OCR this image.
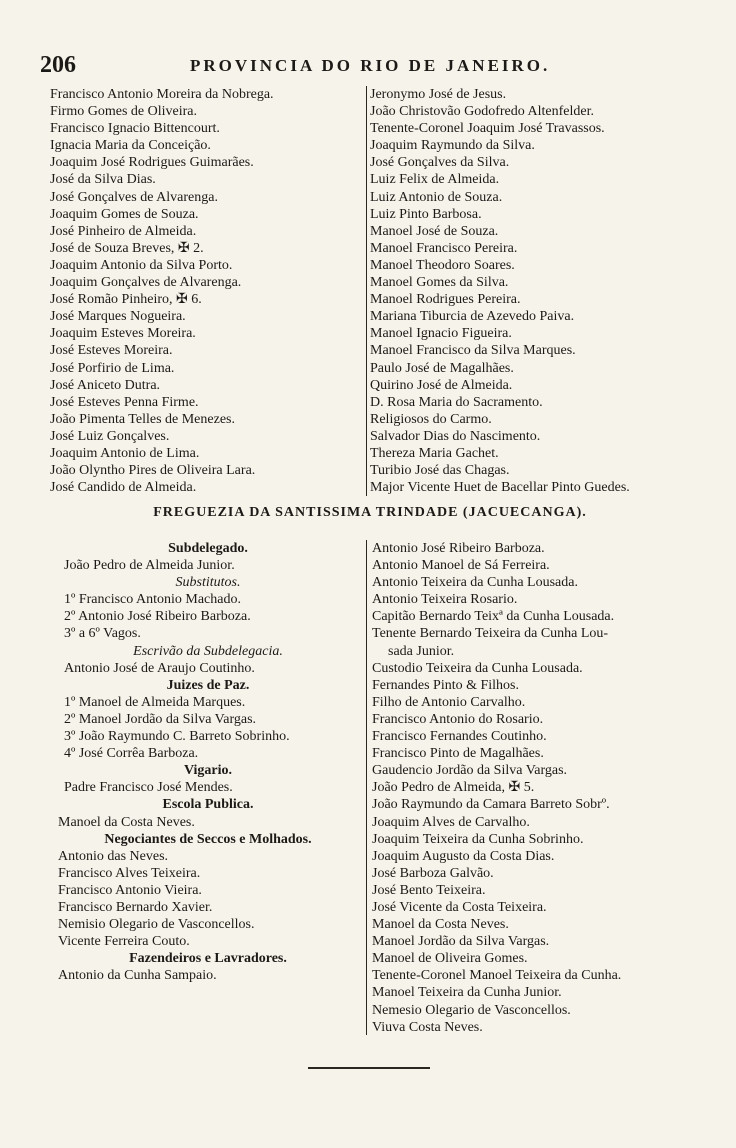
206	PROVINCIA DO RIO DE JANEIRO.
Francisco Antonio Moreira da Nobrega.
Firmo Gomes de Oliveira.
Francisco Ignacio Bittencourt.
Ignacia Maria da Conceição.
Joaquim José Rodrigues Guimarães.
José da Silva Dias.
José Gonçalves de Alvarenga.
Joaquim Gomes de Souza.
José Pinheiro de Almeida.
José de Souza Breves, ✠ 2.
Joaquim Antonio da Silva Porto.
Joaquim Gonçalves de Alvarenga.
José Romão Pinheiro, ✠ 6.
José Marques Nogueira.
Joaquim Esteves Moreira.
José Esteves Moreira.
José Porfirio de Lima.
José Aniceto Dutra.
José Esteves Penna Firme.
João Pimenta Telles de Menezes.
José Luiz Gonçalves.
Joaquim Antonio de Lima.
João Olyntho Pires de Oliveira Lara.
José Candido de Almeida.
Jeronymo José de Jesus.
João Christovão Godofredo Altenfelder.
Tenente-Coronel Joaquim José Travassos.
Joaquim Raymundo da Silva.
José Gonçalves da Silva.
Luiz Felix de Almeida.
Luiz Antonio de Souza.
Luiz Pinto Barbosa.
Manoel José de Souza.
Manoel Francisco Pereira.
Manoel Theodoro Soares.
Manoel Gomes da Silva.
Manoel Rodrigues Pereira.
Mariana Tiburcia de Azevedo Paiva.
Manoel Ignacio Figueira.
Manoel Francisco da Silva Marques.
Paulo José de Magalhães.
Quirino José de Almeida.
D. Rosa Maria do Sacramento.
Religiosos do Carmo.
Salvador Dias do Nascimento.
Thereza Maria Gachet.
Turibio José das Chagas.
Major Vicente Huet de Bacellar Pinto Guedes.
FREGUEZIA DA SANTISSIMA TRINDADE (JACUECANGA).
Subdelegado.
João Pedro de Almeida Junior.
Substitutos.
1º Francisco Antonio Machado.
2º Antonio José Ribeiro Barboza.
3º a 6º Vagos.
Escrivão da Subdelegacia.
Antonio José de Araujo Coutinho.
Juizes de Paz.
1º Manoel de Almeida Marques.
2º Manoel Jordão da Silva Vargas.
3º João Raymundo C. Barreto Sobrinho.
4º José Corrêa Barboza.
Vigario.
Padre Francisco José Mendes.
Escola Publica.
Manoel da Costa Neves.
Negociantes de Seccos e Molhados.
Antonio das Neves.
Francisco Alves Teixeira.
Francisco Antonio Vieira.
Francisco Bernardo Xavier.
Nemisio Olegario de Vasconcellos.
Vicente Ferreira Couto.
Fazendeiros e Lavradores.
Antonio da Cunha Sampaio.
Antonio José Ribeiro Barboza.
Antonio Manoel de Sá Ferreira.
Antonio Teixeira da Cunha Lousada.
Antonio Teixeira Rosario.
Capitão Bernardo Teixª da Cunha Lousada.
Tenente Bernardo Teixeira da Cunha Lou-
sada Junior.
Custodio Teixeira da Cunha Lousada.
Fernandes Pinto & Filhos.
Filho de Antonio Carvalho.
Francisco Antonio do Rosario.
Francisco Fernandes Coutinho.
Francisco Pinto de Magalhães.
Gaudencio Jordão da Silva Vargas.
João Pedro de Almeida, ✠ 5.
João Raymundo da Camara Barreto Sobrº.
Joaquim Alves de Carvalho.
Joaquim Teixeira da Cunha Sobrinho.
Joaquim Augusto da Costa Dias.
José Barboza Galvão.
José Bento Teixeira.
José Vicente da Costa Teixeira.
Manoel da Costa Neves.
Manoel Jordão da Silva Vargas.
Manoel de Oliveira Gomes.
Tenente-Coronel Manoel Teixeira da Cunha.
Manoel Teixeira da Cunha Junior.
Nemesio Olegario de Vasconcellos.
Viuva Costa Neves.
